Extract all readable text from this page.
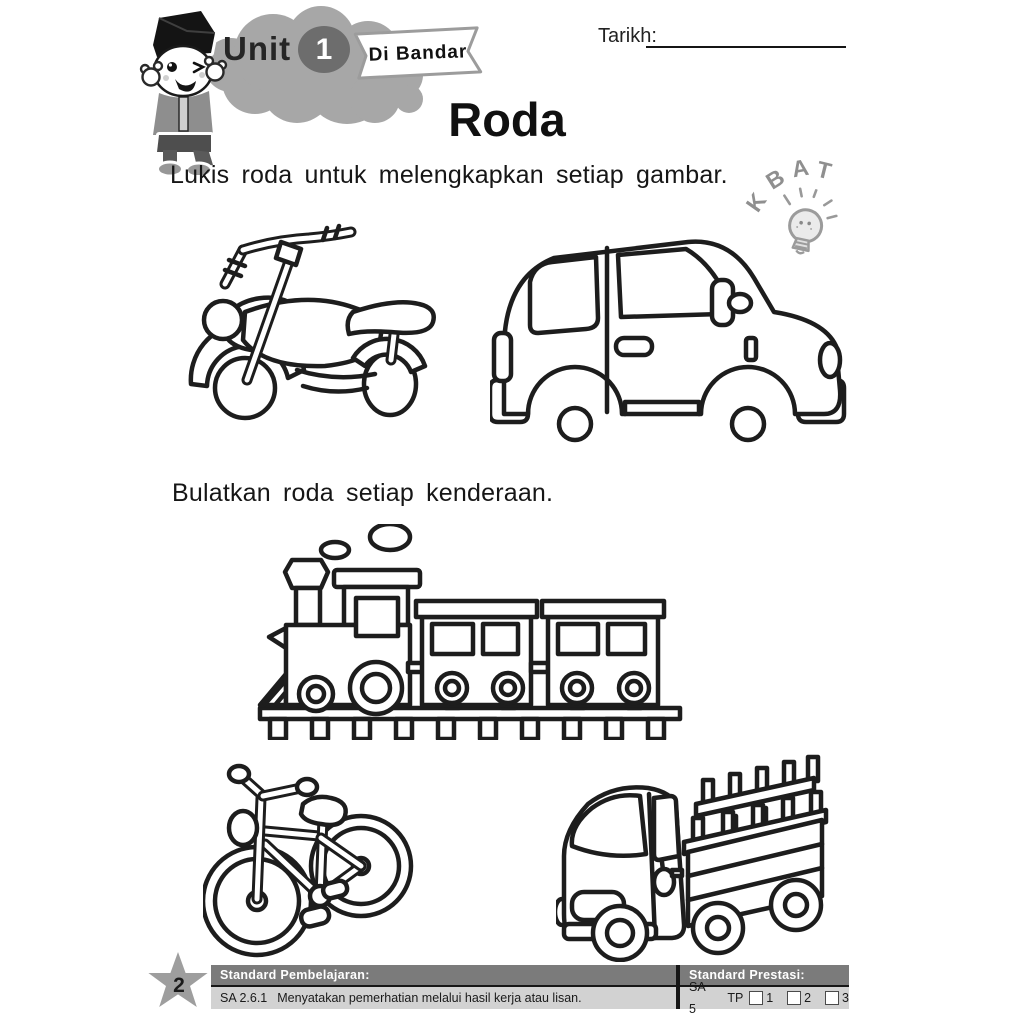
Unit 1	Di Bandar
Tarikh:
Roda
K
B A T
Lukis roda untuk melengkapkan setiap gambar.
Bulatkan roda setiap kenderaan.
2	Standard Pembelajaran:
SA 2.6.1 Menyatakan pemerhatian melalui hasil kerja atau lisan.
Standard Prestasi:
SA 5
TP 1 2 3
